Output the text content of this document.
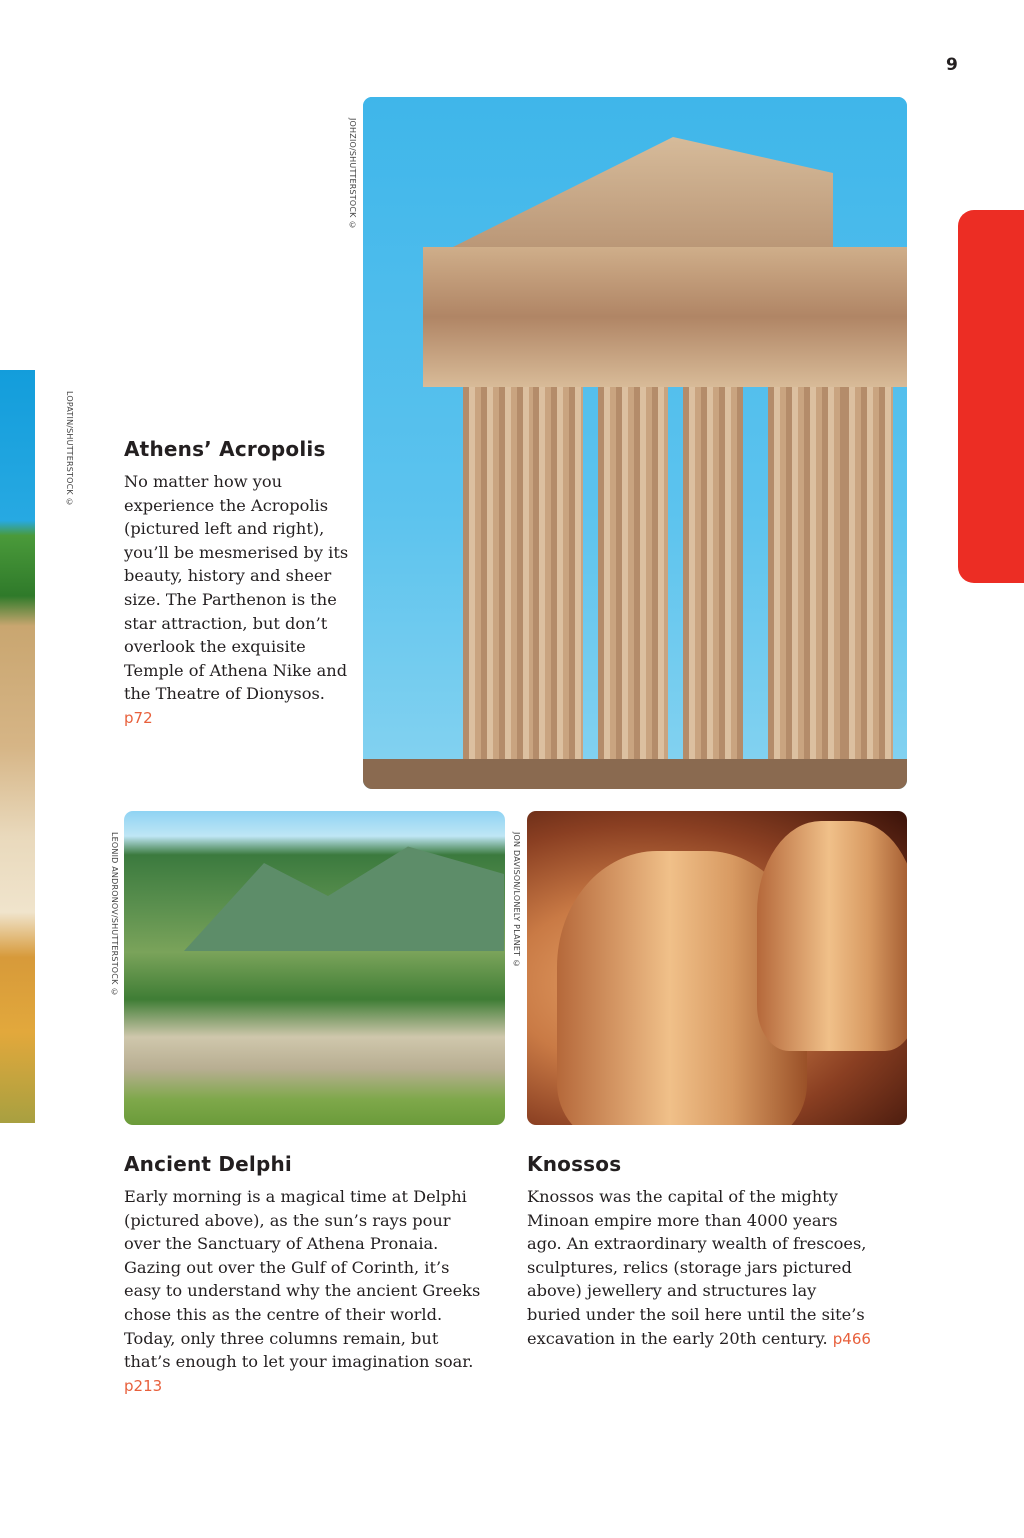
9
LOPATIN/SHUTTERSTOCK ©
JOHZIO/SHUTTERSTOCK ©
Athens’ Acropolis

No matter how you experience the Acropolis (pictured left and right), you’ll be mesmerised by its beauty, history and sheer size. The Parthenon is the star attraction, but don’t overlook the exquisite Temple of Athena Nike and the Theatre of Dionysos. p72

LEONID ANDRONOV/SHUTTERSTOCK ©	JON DAVISON/LONELY PLANET ©
Ancient Delphi

Early morning is a magical time at Delphi (pictured above), as the sun’s rays pour over the Sanctuary of Athena Pronaia. Gazing out over the Gulf of Corinth, it’s easy to understand why the ancient Greeks chose this as the centre of their world. Today, only three columns remain, but that’s enough to let your imagination soar. p213

Knossos

Knossos was the capital of the mighty Minoan empire more than 4000 years ago. An extraordinary wealth of frescoes, sculptures, relics (storage jars pictured above) jewellery and structures lay buried under the soil here until the site’s excavation in the early 20th century. p466
